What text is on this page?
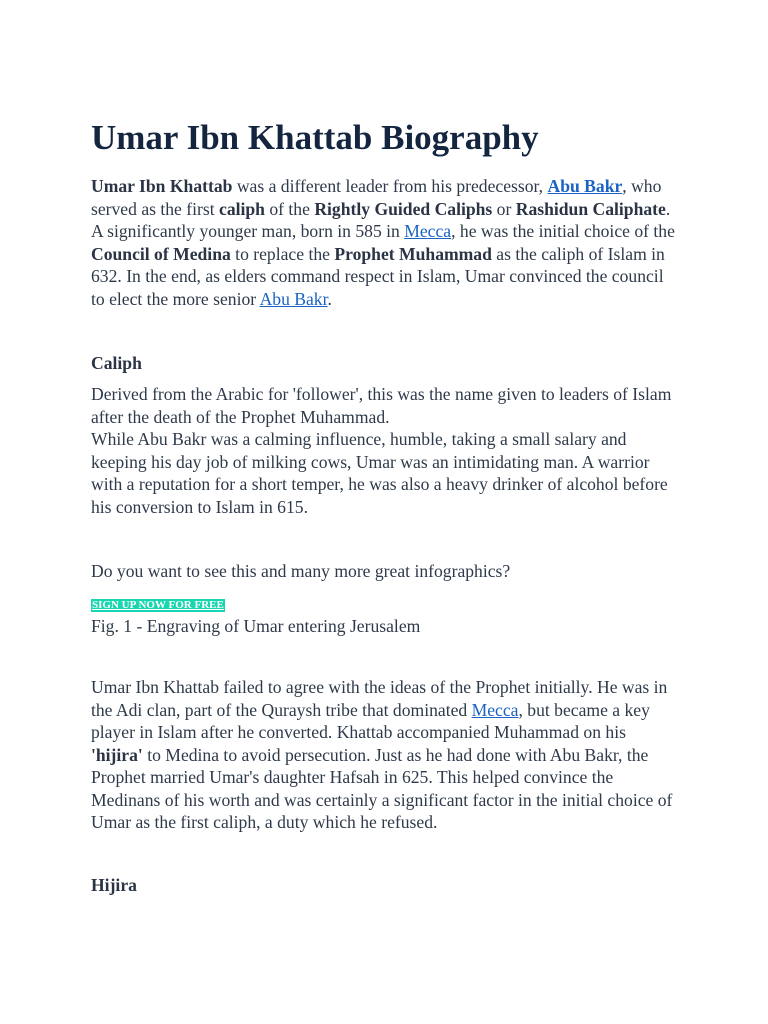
Umar Ibn Khattab Biography

Umar Ibn Khattab was a different leader from his predecessor, Abu Bakr, who served as the first caliph of the Rightly Guided Caliphs or Rashidun Caliphate. A significantly younger man, born in 585 in Mecca, he was the initial choice of the Council of Medina to replace the Prophet Muhammad as the caliph of Islam in 632. In the end, as elders command respect in Islam, Umar convinced the council to elect the more senior Abu Bakr.

Caliph

Derived from the Arabic for 'follower', this was the name given to leaders of Islam after the death of the Prophet Muhammad.

While Abu Bakr was a calming influence, humble, taking a small salary and keeping his day job of milking cows, Umar was an intimidating man. A warrior with a reputation for a short temper, he was also a heavy drinker of alcohol before his conversion to Islam in 615.

Do you want to see this and many more great infographics?

SIGN UP NOW FOR FREE

Fig. 1 - Engraving of Umar entering Jerusalem

Umar Ibn Khattab failed to agree with the ideas of the Prophet initially. He was in the Adi clan, part of the Quraysh tribe that dominated Mecca, but became a key player in Islam after he converted. Khattab accompanied Muhammad on his 'hijira' to Medina to avoid persecution. Just as he had done with Abu Bakr, the Prophet married Umar's daughter Hafsah in 625. This helped convince the Medinans of his worth and was certainly a significant factor in the initial choice of Umar as the first caliph, a duty which he refused.

Hijira
